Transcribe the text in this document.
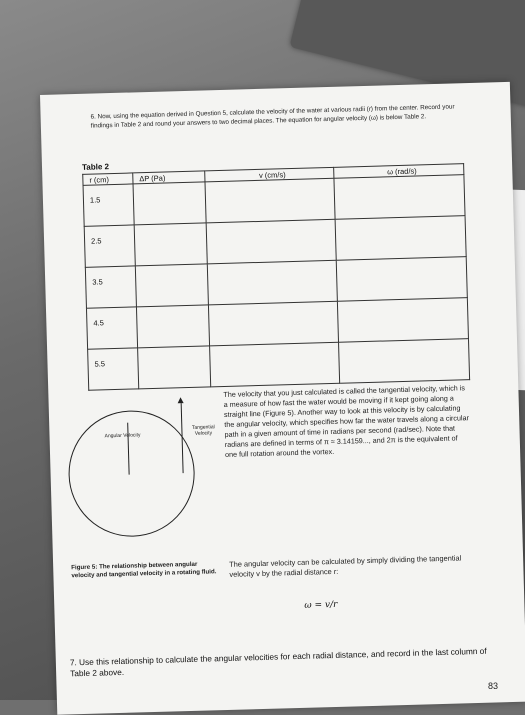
6. Now, using the equation derived in Question 5, calculate the velocity of the water at various radii (r) from the center. Record your findings in Table 2 and round your answers to two decimal places. The equation for angular velocity (ω) is below Table 2.
Table 2
r (cm)	ΔP (Pa)	v (cm/s)	ω (rad/s)
1.5			
2.5			
3.5			
4.5			
5.5			
Angular Velocity
Tangential Velocity
The velocity that you just calculated is called the tangential velocity, which is a measure of how fast the water would be moving if it kept going along a straight line (Figure 5). Another way to look at this velocity is by calculating the angular velocity, which specifies how far the water travels along a circular path in a given amount of time in radians per second (rad/sec). Note that radians are defined in terms of π ≈ 3.14159..., and 2π is the equivalent of one full rotation around the vortex.
Figure 5: The relationship between angular velocity and tangential velocity in a rotating fluid.
The angular velocity can be calculated by simply dividing the tangential velocity v by the radial distance r:
ω = v/r
7. Use this relationship to calculate the angular velocities for each radial distance, and record in the last column of Table 2 above.
83
